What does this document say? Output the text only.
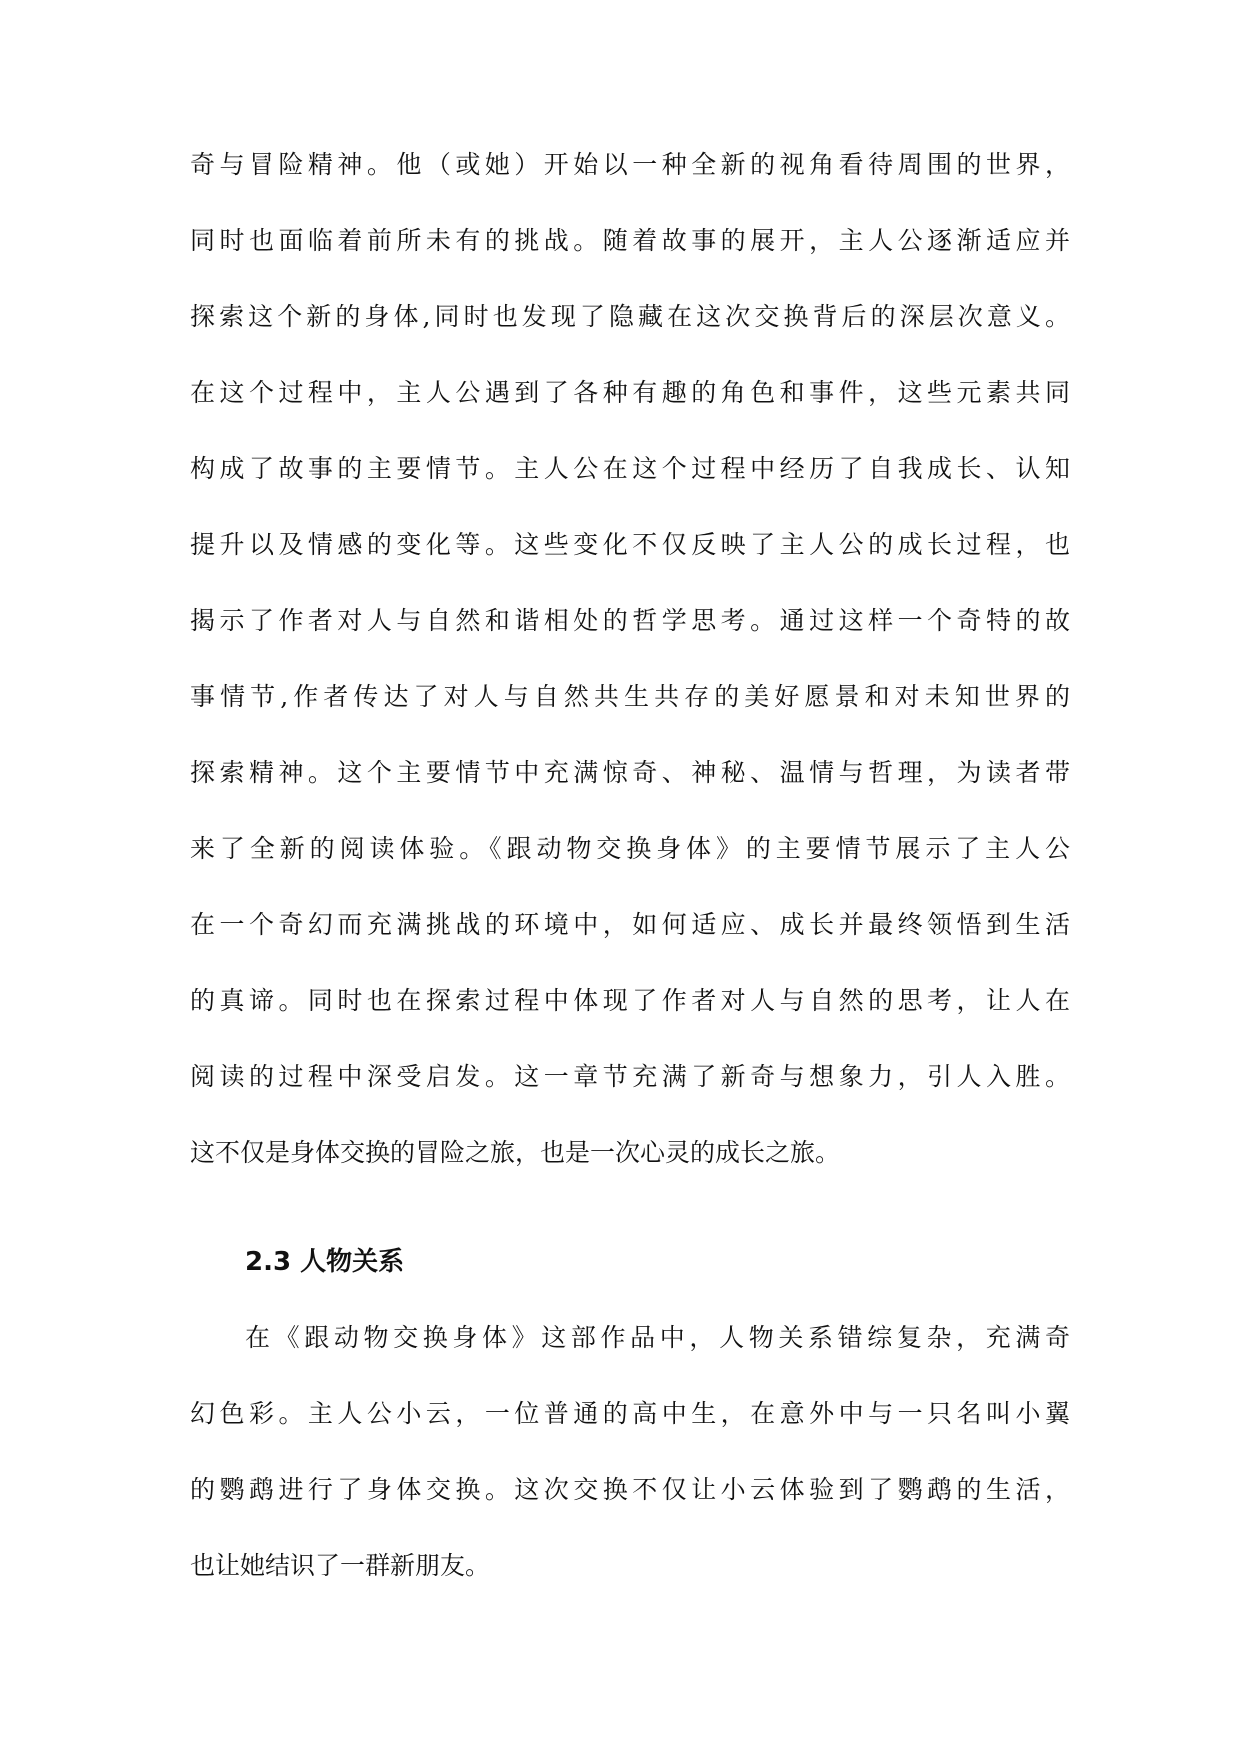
奇与冒险精神。他（或她）开始以一种全新的视角看待周围的世界，
同时也面临着前所未有的挑战。随着故事的展开，主人公逐渐适应并
探索这个新的身体,同时也发现了隐藏在这次交换背后的深层次意义。
在这个过程中，主人公遇到了各种有趣的角色和事件，这些元素共同
构成了故事的主要情节。主人公在这个过程中经历了自我成长、认知
提升以及情感的变化等。这些变化不仅反映了主人公的成长过程，也
揭示了作者对人与自然和谐相处的哲学思考。通过这样一个奇特的故
事情节,作者传达了对人与自然共生共存的美好愿景和对未知世界的
探索精神。这个主要情节中充满惊奇、神秘、温情与哲理，为读者带
来了全新的阅读体验。《跟动物交换身体》的主要情节展示了主人公
在一个奇幻而充满挑战的环境中，如何适应、成长并最终领悟到生活
的真谛。同时也在探索过程中体现了作者对人与自然的思考，让人在
阅读的过程中深受启发。这一章节充满了新奇与想象力，引人入胜。
这不仅是身体交换的冒险之旅，也是一次心灵的成长之旅。
2.3 人物关系
在《跟动物交换身体》这部作品中，人物关系错综复杂，充满奇
幻色彩。主人公小云，一位普通的高中生，在意外中与一只名叫小翼
的鹦鹉进行了身体交换。这次交换不仅让小云体验到了鹦鹉的生活，
也让她结识了一群新朋友。
